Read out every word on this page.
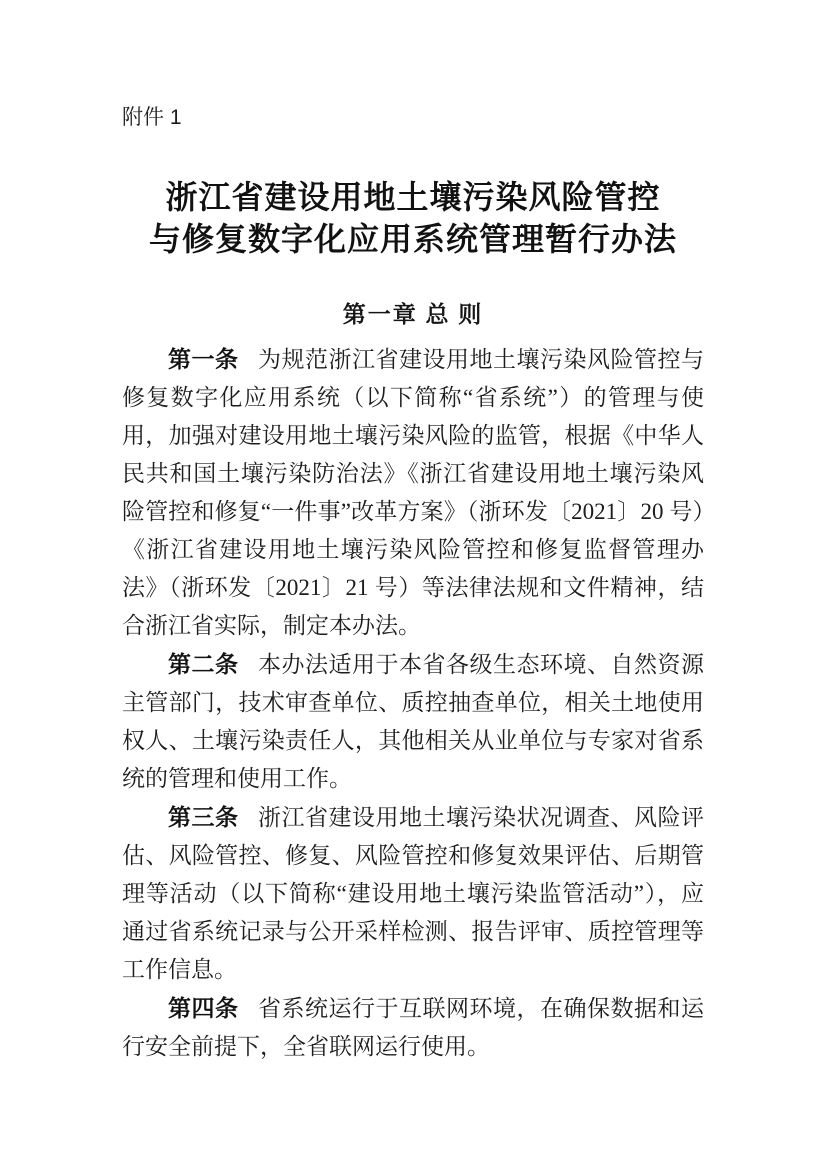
附件 1
浙江省建设用地土壤污染风险管控
与修复数字化应用系统管理暂行办法
第一章 总 则

第一条 为规范浙江省建设用地土壤污染风险管控与修复数字化应用系统（以下简称“省系统”）的管理与使用，加强对建设用地土壤污染风险的监管，根据《中华人民共和国土壤污染防治法》《浙江省建设用地土壤污染风险管控和修复“一件事”改革方案》（浙环发〔2021〕20 号）《浙江省建设用地土壤污染风险管控和修复监督管理办法》（浙环发〔2021〕21 号）等法律法规和文件精神，结合浙江省实际，制定本办法。

第二条 本办法适用于本省各级生态环境、自然资源主管部门，技术审查单位、质控抽查单位，相关土地使用权人、土壤污染责任人，其他相关从业单位与专家对省系统的管理和使用工作。

第三条 浙江省建设用地土壤污染状况调查、风险评估、风险管控、修复、风险管控和修复效果评估、后期管理等活动（以下简称“建设用地土壤污染监管活动”），应通过省系统记录与公开采样检测、报告评审、质控管理等工作信息。

第四条 省系统运行于互联网环境，在确保数据和运行安全前提下，全省联网运行使用。
